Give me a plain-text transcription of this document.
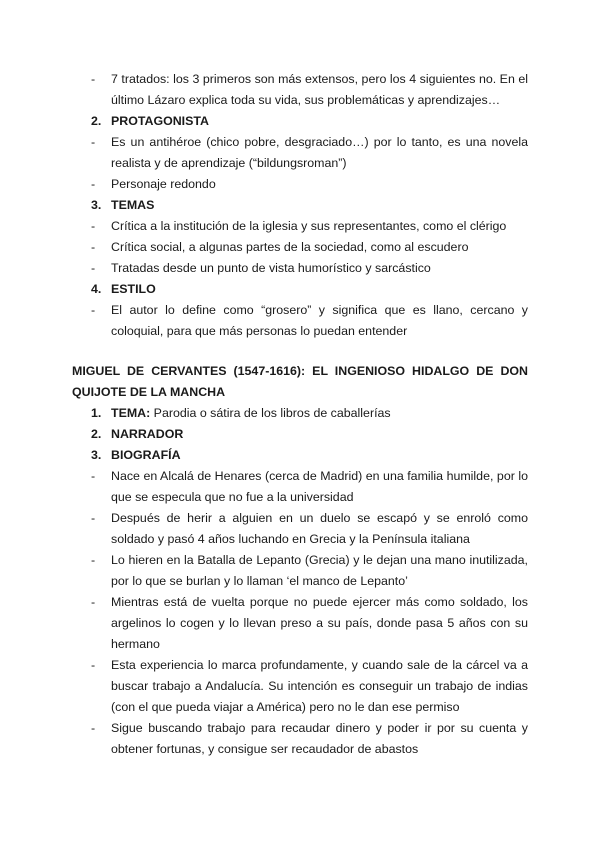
-	7 tratados: los 3 primeros son más extensos, pero los 4 siguientes no. En el último Lázaro explica toda su vida, sus problemáticas y aprendizajes…
2. PROTAGONISTA
-	Es un antihéroe (chico pobre, desgraciado…) por lo tanto, es una novela realista y de aprendizaje (“bildungsroman”)
-	Personaje redondo
3. TEMAS
-	Crítica a la institución de la iglesia y sus representantes, como el clérigo
-	Crítica social, a algunas partes de la sociedad, como al escudero
-	Tratadas desde un punto de vista humorístico y sarcástico
4. ESTILO
-	El autor lo define como “grosero” y significa que es llano, cercano y coloquial, para que más personas lo puedan entender
MIGUEL DE CERVANTES (1547-1616): EL INGENIOSO HIDALGO DE DON
QUIJOTE DE LA MANCHA
1. TEMA: Parodia o sátira de los libros de caballerías
2. NARRADOR
3. BIOGRAFÍA
-	Nace en Alcalá de Henares (cerca de Madrid) en una familia humilde, por lo que se especula que no fue a la universidad
-	Después de herir a alguien en un duelo se escapó y se enroló como soldado y pasó 4 años luchando en Grecia y la Península italiana
-	Lo hieren en la Batalla de Lepanto (Grecia) y le dejan una mano inutilizada, por lo que se burlan y lo llaman ‘el manco de Lepanto’
-	Mientras está de vuelta porque no puede ejercer más como soldado, los argelinos lo cogen y lo llevan preso a su país, donde pasa 5 años con su hermano
-	Esta experiencia lo marca profundamente, y cuando sale de la cárcel va a buscar trabajo a Andalucía. Su intención es conseguir un trabajo de indias (con el que pueda viajar a América) pero no le dan ese permiso
-	Sigue buscando trabajo para recaudar dinero y poder ir por su cuenta y obtener fortunas, y consigue ser recaudador de abastos
